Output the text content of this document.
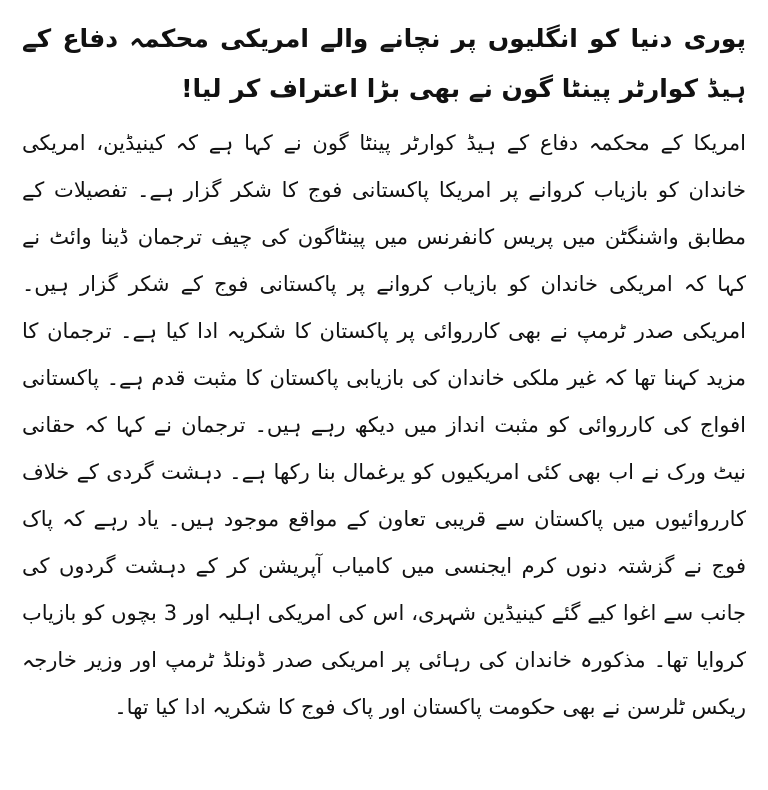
پوری دنیا کو انگلیوں پر نچانے والے امریکی محکمہ دفاع کے ہیڈ کوارٹر پینٹا گون نے بھی بڑا اعتراف کر لیا!

امریکا کے محکمہ دفاع کے ہیڈ کوارٹر پینٹا گون نے کہا ہے کہ کینیڈین، امریکی خاندان کو بازیاب کروانے پر امریکا پاکستانی فوج کا شکر گزار ہے۔ تفصیلات کے مطابق واشنگٹن میں پریس کانفرنس میں پینٹاگون کی چیف ترجمان ڈینا وائٹ نے کہا کہ امریکی خاندان کو بازیاب کروانے پر پاکستانی فوج کے شکر گزار ہیں۔ امریکی صدر ٹرمپ نے بھی کارروائی پر پاکستان کا شکریہ ادا کیا ہے۔ ترجمان کا مزید کہنا تھا کہ غیر ملکی خاندان کی بازیابی پاکستان کا مثبت قدم ہے۔ پاکستانی افواج کی کارروائی کو مثبت انداز میں دیکھ رہے ہیں۔ ترجمان نے کہا کہ حقانی نیٹ ورک نے اب بھی کئی امریکیوں کو یرغمال بنا رکھا ہے۔ دہشت گردی کے خلاف کارروائیوں میں پاکستان سے قریبی تعاون کے مواقع موجود ہیں۔ یاد رہے کہ پاک فوج نے گزشتہ دنوں کرم ایجنسی میں کامیاب آپریشن کر کے دہشت گردوں کی جانب سے اغوا کیے گئے کینیڈین شہری، اس کی امریکی اہلیہ اور 3 بچوں کو بازیاب کروایا تھا۔ مذکورہ خاندان کی رہائی پر امریکی صدر ڈونلڈ ٹرمپ اور وزیر خارجہ ریکس ٹلرسن نے بھی حکومت پاکستان اور پاک فوج کا شکریہ ادا کیا تھا۔
